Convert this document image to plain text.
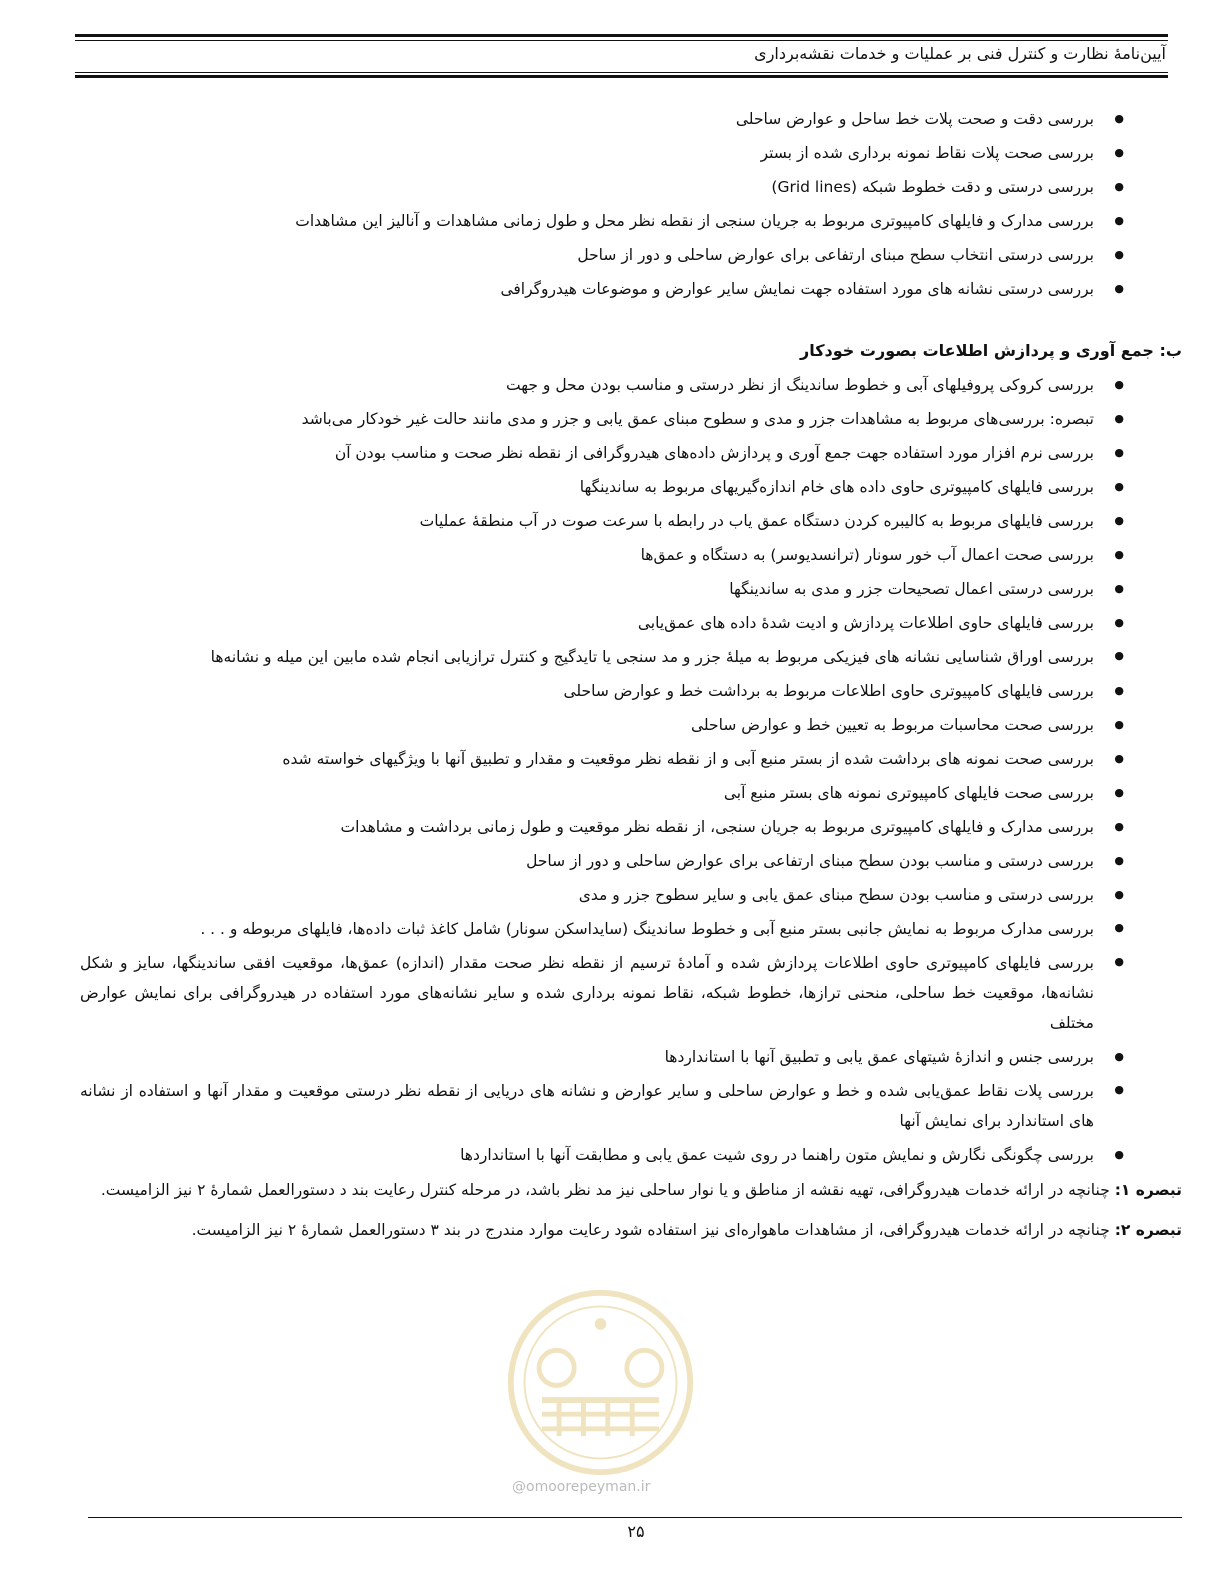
آیین‌نامهٔ نظارت و کنترل فنی بر عملیات و خدمات نقشه‌برداری
● بررسی دقت و صحت پلات خط ساحل و عوارض ساحلی
● بررسی صحت پلات نقاط نمونه برداری شده از بستر
● بررسی درستی و دقت خطوط شبکه (Grid lines)
● بررسی مدارک و فایلهای کامپیوتری مربوط به جریان سنجی از نقطه نظر محل و طول زمانی مشاهدات و آنالیز این مشاهدات
● بررسی درستی انتخاب سطح مبنای ارتفاعی برای عوارض ساحلی و دور از ساحل
● بررسی درستی نشانه های مورد استفاده جهت نمایش سایر عوارض و موضوعات هیدروگرافی
ب: جمع آوری و پردازش اطلاعات بصورت خودکار
● بررسی کروکی پروفیلهای آبی و خطوط ساندینگ از نظر درستی و مناسب بودن محل و جهت
● تبصره: بررسی‌های مربوط به مشاهدات جزر و مدی و سطوح مبنای عمق یابی و جزر و مدی مانند حالت غیر خودکار می‌باشد
● بررسی نرم افزار مورد استفاده جهت جمع آوری و پردازش داده‌های هیدروگرافی از نقطه نظر صحت و مناسب بودن آن
● بررسی فایلهای کامپیوتری حاوی داده های خام اندازه‌گیریهای مربوط به ساندینگها
● بررسی فایلهای مربوط به کالیبره کردن دستگاه عمق یاب در رابطه با سرعت صوت در آب منطقهٔ عملیات
● بررسی صحت اعمال آب خور سونار (ترانسدیوسر) به دستگاه و عمق‌ها
● بررسی درستی اعمال تصحیحات جزر و مدی به ساندینگها
● بررسی فایلهای حاوی اطلاعات پردازش و ادیت شدهٔ داده های عمق‌یابی
● بررسی اوراق شناسایی نشانه های فیزیکی مربوط به میلهٔ جزر و مد سنجی یا تایدگیج و کنترل ترازیابی انجام شده مابین این میله و نشانه‌ها
● بررسی فایلهای کامپیوتری حاوی اطلاعات مربوط به برداشت خط و عوارض ساحلی
● بررسی صحت محاسبات مربوط به تعیین خط و عوارض ساحلی
● بررسی صحت نمونه های برداشت شده از بستر منبع آبی و از نقطه نظر موقعیت و مقدار و تطبیق آنها با ویژگیهای خواسته شده
● بررسی صحت فایلهای کامپیوتری نمونه های بستر منبع آبی
● بررسی مدارک و فایلهای کامپیوتری مربوط به جریان سنجی، از نقطه نظر موقعیت و طول زمانی برداشت و مشاهدات
● بررسی درستی و مناسب بودن سطح مبنای ارتفاعی برای عوارض ساحلی و دور از ساحل
● بررسی درستی و مناسب بودن سطح مبنای عمق یابی و سایر سطوح جزر و مدی
● بررسی مدارک مربوط به نمایش جانبی بستر منبع آبی و خطوط ساندینگ (سایداسکن سونار) شامل کاغذ ثبات داده‌ها، فایلهای مربوطه و . . .
● بررسی فایلهای کامپیوتری حاوی اطلاعات پردازش شده و آمادهٔ ترسیم از نقطه نظر صحت مقدار (اندازه) عمق‌ها، موقعیت افقی ساندینگها، سایز و شکل نشانه‌ها، موقعیت خط ساحلی، منحنی ترازها، خطوط شبکه، نقاط نمونه برداری شده و سایر نشانه‌های مورد استفاده در هیدروگرافی برای نمایش عوارض مختلف
● بررسی جنس و اندازهٔ شیتهای عمق یابی و تطبیق آنها با استانداردها
● بررسی پلات نقاط عمق‌یابی شده و خط و عوارض ساحلی و سایر عوارض و نشانه های دریایی از نقطه نظر درستی موقعیت و مقدار آنها و استفاده از نشانه های استاندارد برای نمایش آنها
● بررسی چگونگی نگارش و نمایش متون راهنما در روی شیت عمق یابی و مطابقت آنها با استانداردها
تبصره ۱: چنانچه در ارائه خدمات هیدروگرافی، تهیه نقشه از مناطق و یا نوار ساحلی نیز مد نظر باشد، در مرحله کنترل رعایت بند د دستورالعمل شمارهٔ ۲ نیز الزامیست.
تبصره ۲: چنانچه در ارائه خدمات هیدروگرافی، از مشاهدات ماهواره‌ای نیز استفاده شود رعایت موارد مندرج در بند ۳ دستورالعمل شمارهٔ ۲ نیز الزامیست.
@omoorepeyman.ir
۲۵
